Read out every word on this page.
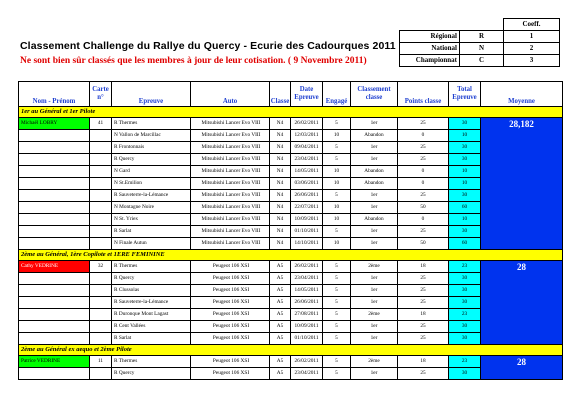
Classement Challenge du Rallye du Quercy - Ecurie des Cadourques 2011
Ne sont bien sûr classés que les membres à jour de leur cotisation. ( 9 Novembre 2011)
		Coeff.
Régional	R	1
National	N	2
Championnat	C	3
Nom - Prénom	Carte n°	Epreuve	Auto	Classe	Date Epreuve	Engagé	Classement classe	Points classe	Total Epreuve	Moyenne
1er au Général et 1er Pilote										
Michaël LOBRY	41	R Thermes	Mitsubishi Lancer Evo VIII	N4	26/02/2011	5	1er	25	30	28,182
		N Vallon de Marcillac	Mitsubishi Lancer Evo VIII	N4	12/03/2011	10	Abandon	0	10	
		R Frontonnais	Mitsubishi Lancer Evo VIII	N4	09/04/2011	5	1er	25	30	
		R Quercy	Mitsubishi Lancer Evo VIII	N4	23/04/2011	5	1er	25	30	
		N Gard	Mitsubishi Lancer Evo VIII	N4	14/05/2011	10	Abandon	0	10	
		N St.Emilion	Mitsubishi Lancer Evo VIII	N4	03/06/2011	10	Abandon	0	10	
		R Sauveterre-la-Lémance	Mitsubishi Lancer Evo VIII	N4	26/06/2011	5	1er	25	30	
		N Montagne Noire	Mitsubishi Lancer Evo VIII	N4	22/07/2011	10	1er	50	60	
		N St. Yriex	Mitsubishi Lancer Evo VIII	N4	10/09/2011	10	Abandon	0	10	
		R Sarlat	Mitsubishi Lancer Evo VIII	N4	01/10/2011	5	1er	25	30	
		N Finale Autun	Mitsubishi Lancer Evo VIII	N4	14/10/2011	10	1er	50	60	
2ème au Général, 1ère Copilote et 1ERE FEMININE										
Cathy VEDRINE	32	R Thermes	Peugeot 106 XSI	A5	26/02/2011	5	2ème	18	23	28
		R Quercy	Peugeot 106 XSI	A5	23/04/2011	5	1er	25	30	
		R Clussolas	Peugeot 106 XSI	A5	14/05/2011	5	1er	25	30	
		R Sauveterre-la-Lémance	Peugeot 106 XSI	A5	26/06/2011	5	1er	25	30	
		R Duronque Mont Lagast	Peugeot 106 XSI	A5	27/08/2011	5	2ème	18	23	
		R Cent Vallées	Peugeot 106 XSI	A5	10/09/2011	5	1er	25	30	
		R Sarlat	Peugeot 106 XSI	A5	01/10/2011	5	1er	25	30	
2ème au Général ex aequo et 2ème Pilote										
Patrice VEDRINE	11	R Thermes	Peugeot 106 XSI	A5	26/02/2011	5	2ème	18	23	28
		R Quercy	Peugeot 106 XSI	A5	23/04/2011	5	1er	25	30	
